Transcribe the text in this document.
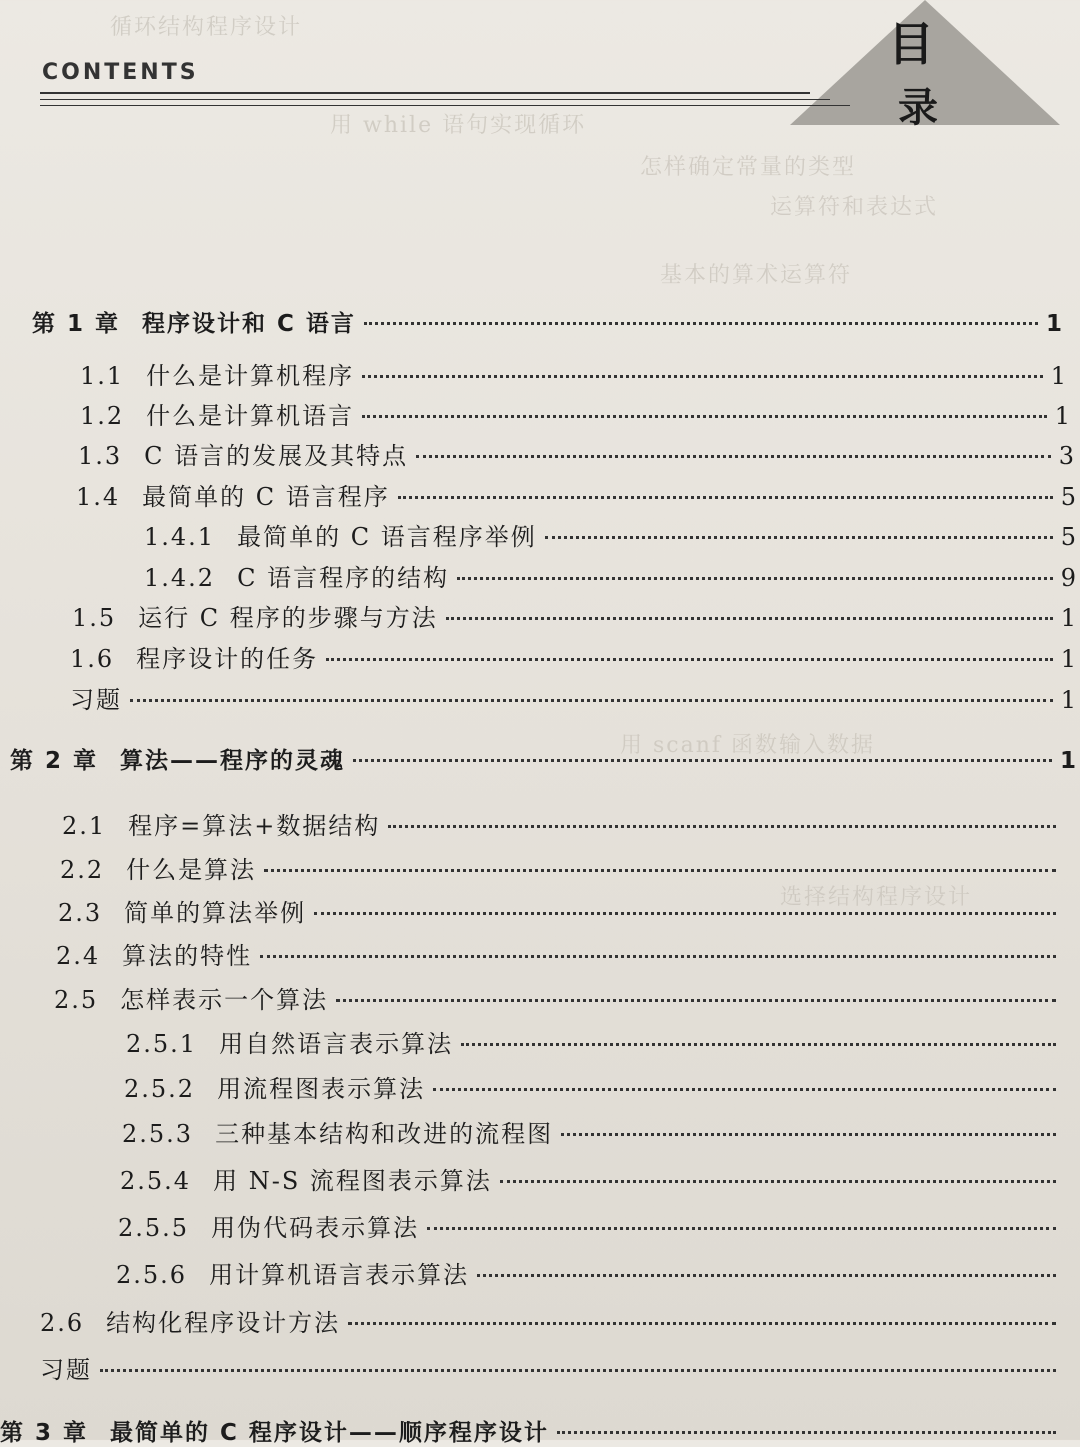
循环结构程序设计
用 while 语句实现循环
怎样确定常量的类型
运算符和表达式
基本的算术运算符
选择结构程序设计
用 scanf 函数输入数据
目
录
CONTENTS
第 1 章 程序设计和 C 语言	1
1.1 什么是计算机程序	1
1.2 什么是计算机语言	1
1.3 C 语言的发展及其特点	3
1.4 最简单的 C 语言程序	5
1.4.1 最简单的 C 语言程序举例	5
1.4.2 C 语言程序的结构	9
1.5 运行 C 程序的步骤与方法	1
1.6 程序设计的任务	1
习题	1
第 2 章 算法——程序的灵魂	1
2.1 程序=算法+数据结构
2.2 什么是算法
2.3 简单的算法举例
2.4 算法的特性
2.5 怎样表示一个算法
2.5.1 用自然语言表示算法
2.5.2 用流程图表示算法
2.5.3 三种基本结构和改进的流程图
2.5.4 用 N-S 流程图表示算法
2.5.5 用伪代码表示算法
2.5.6 用计算机语言表示算法
2.6 结构化程序设计方法
习题
第 3 章 最简单的 C 程序设计——顺序程序设计
